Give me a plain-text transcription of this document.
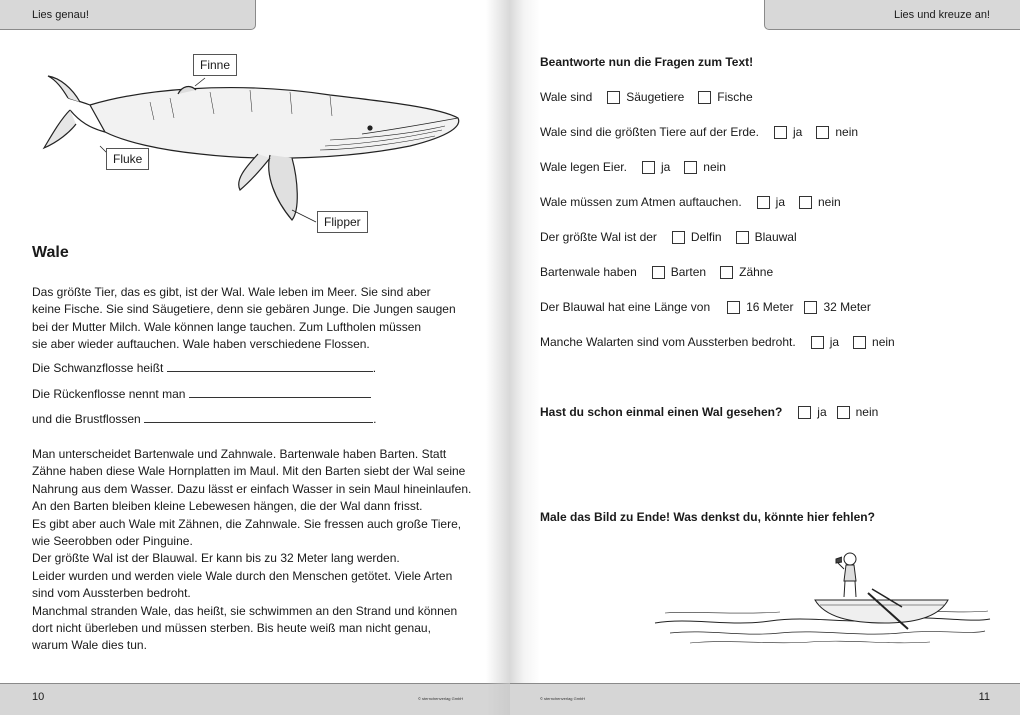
Lies genau!
Finne
Fluke
Flipper
Wale
Das größte Tier, das es gibt, ist der Wal. Wale leben im Meer. Sie sind aber
keine Fische. Sie sind Säugetiere, denn sie gebären Junge. Die Jungen saugen
bei der Mutter Milch. Wale können lange tauchen. Zum Luftholen müssen
sie aber wieder auftauchen. Wale haben verschiedene Flossen.
Die Schwanzflosse heißt	.
Die Rückenflosse nennt man
und die Brustflossen	.
Man unterscheidet Bartenwale und Zahnwale. Bartenwale haben Barten. Statt
Zähne haben diese Wale Hornplatten im Maul. Mit den Barten siebt der Wal seine
Nahrung aus dem Wasser. Dazu lässt er einfach Wasser in sein Maul hineinlaufen.
An den Barten bleiben kleine Lebewesen hängen, die der Wal dann frisst.
Es gibt aber auch Wale mit Zähnen, die Zahnwale. Sie fressen auch große Tiere,
wie Seerobben oder Pinguine.
Der größte Wal ist der Blauwal. Er kann bis zu 32 Meter lang werden.
Leider wurden und werden viele Wale durch den Menschen getötet. Viele Arten
sind vom Aussterben bedroht.
Manchmal stranden Wale, das heißt, sie schwimmen an den Strand und können
dort nicht überleben und müssen sterben. Bis heute weiß man nicht genau,
warum Wale dies tun.
10	© sternchenverlag GmbH
Lies und kreuze an!
Beantworte nun die Fragen zum Text!
Wale sind	Säugetiere	Fische
Wale sind die größten Tiere auf der Erde.	ja	nein
Wale legen Eier.	ja	nein
Wale müssen zum Atmen auftauchen.	ja	nein
Der größte Wal ist der	Delfin	Blauwal
Bartenwale haben	Barten	Zähne
Der Blauwal hat eine Länge von	16 Meter	32 Meter
Manche Walarten sind vom Aussterben bedroht.	ja	nein
Hast du schon einmal einen Wal gesehen?	ja nein
Male das Bild zu Ende! Was denkst du, könnte hier fehlen?
© sternchenverlag GmbH	11
